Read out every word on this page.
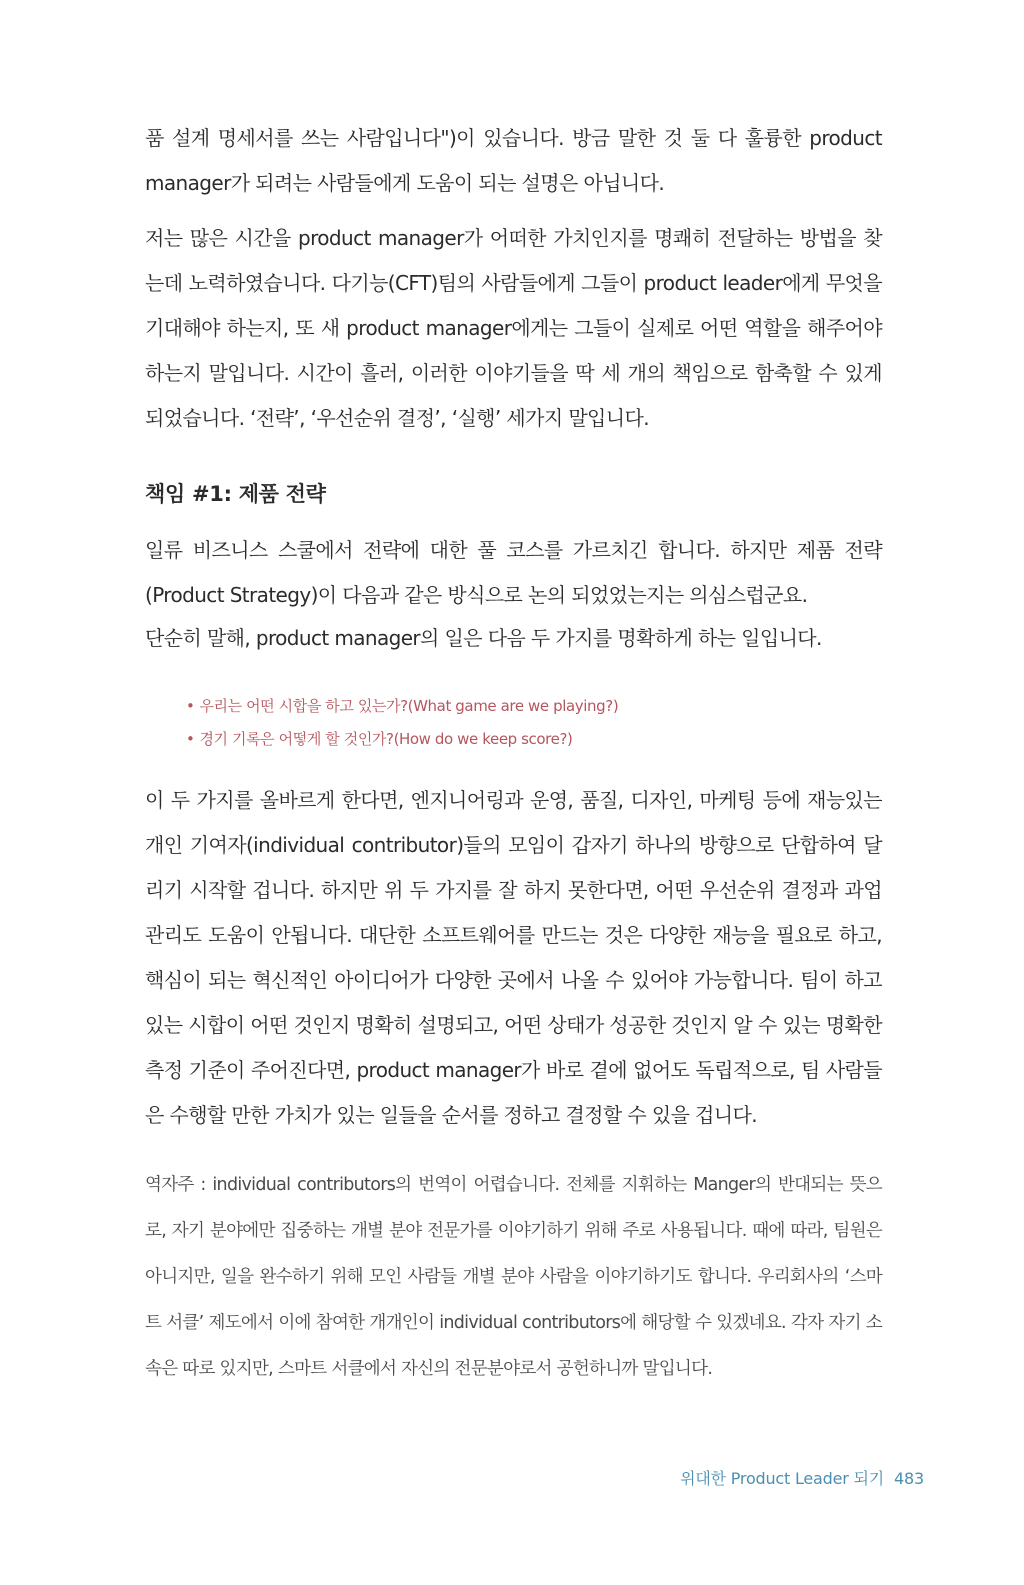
품 설계 명세서를 쓰는 사람입니다")이 있습니다. 방금 말한 것 둘 다 훌륭한 product manager가 되려는 사람들에게 도움이 되는 설명은 아닙니다.

저는 많은 시간을 product manager가 어떠한 가치인지를 명쾌히 전달하는 방법을 찾는데 노력하였습니다. 다기능(CFT)팀의 사람들에게 그들이 product leader에게 무엇을 기대해야 하는지, 또 새 product manager에게는 그들이 실제로 어떤 역할을 해주어야 하는지 말입니다. 시간이 흘러, 이러한 이야기들을 딱 세 개의 책임으로 함축할 수 있게 되었습니다. ‘전략’, ‘우선순위 결정’, ‘실행’ 세가지 말입니다.

책임 #1: 제품 전략

일류 비즈니스 스쿨에서 전략에 대한 풀 코스를 가르치긴 합니다. 하지만 제품 전략(Product Strategy)이 다음과 같은 방식으로 논의 되었었는지는 의심스럽군요.

단순히 말해, product manager의 일은 다음 두 가지를 명확하게 하는 일입니다.

• 우리는 어떤 시합을 하고 있는가?(What game are we playing?)
• 경기 기록은 어떻게 할 것인가?(How do we keep score?)

이 두 가지를 올바르게 한다면, 엔지니어링과 운영, 품질, 디자인, 마케팅 등에 재능있는 개인 기여자(individual contributor)들의 모임이 갑자기 하나의 방향으로 단합하여 달리기 시작할 겁니다. 하지만 위 두 가지를 잘 하지 못한다면, 어떤 우선순위 결정과 과업관리도 도움이 안됩니다. 대단한 소프트웨어를 만드는 것은 다양한 재능을 필요로 하고, 핵심이 되는 혁신적인 아이디어가 다양한 곳에서 나올 수 있어야 가능합니다. 팀이 하고 있는 시합이 어떤 것인지 명확히 설명되고, 어떤 상태가 성공한 것인지 알 수 있는 명확한 측정 기준이 주어진다면, product manager가 바로 곁에 없어도 독립적으로, 팀 사람들은 수행할 만한 가치가 있는 일들을 순서를 정하고 결정할 수 있을 겁니다.

역자주 : individual contributors의 번역이 어렵습니다. 전체를 지휘하는 Manger의 반대되는 뜻으로, 자기 분야에만 집중하는 개별 분야 전문가를 이야기하기 위해 주로 사용됩니다. 때에 따라, 팀원은 아니지만, 일을 완수하기 위해 모인 사람들 개별 분야 사람을 이야기하기도 합니다. 우리회사의 ‘스마트 서클’ 제도에서 이에 참여한 개개인이 individual contributors에 해당할 수 있겠네요. 각자 자기 소속은 따로 있지만, 스마트 서클에서 자신의 전문분야로서 공헌하니까 말입니다.

위대한 Product Leader 되기 483
